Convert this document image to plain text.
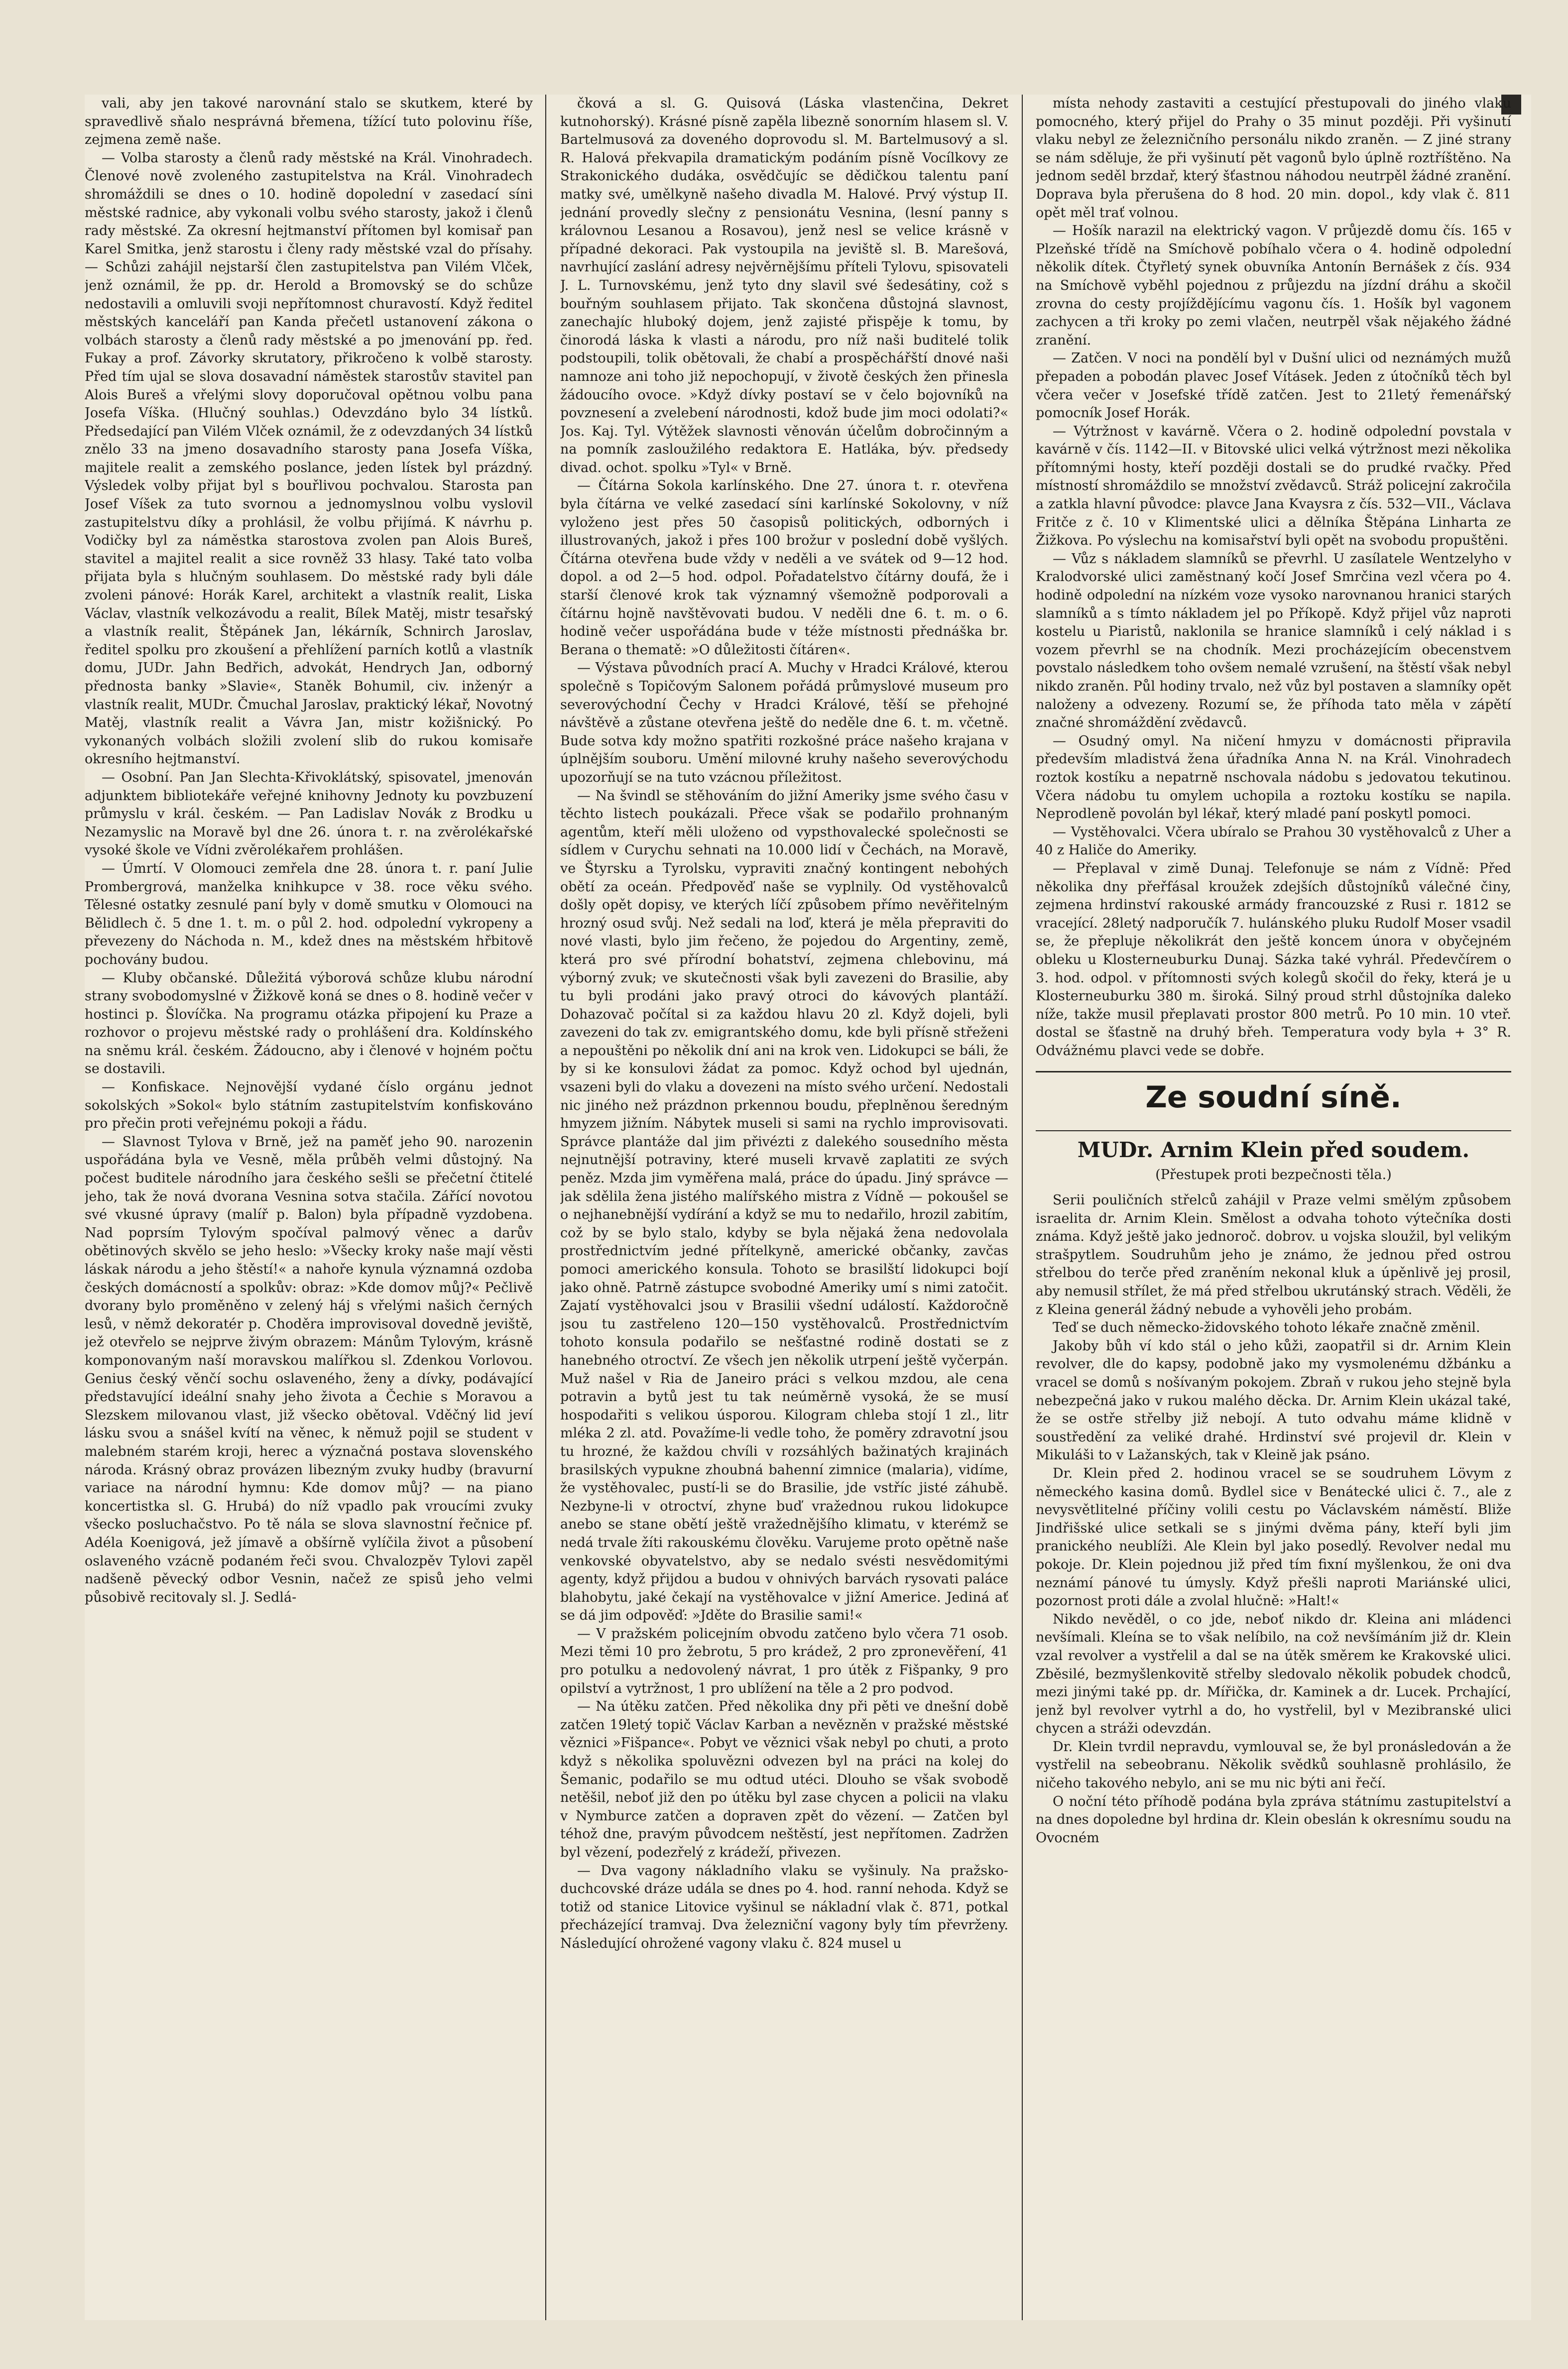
vali, aby jen takové narovnání stalo se skutkem, které by spravedlivě sňalo nesprávná břemena, tížící tuto polovinu říše, zejmena země naše.

— Volba starosty a členů rady městské na Král. Vinohradech. Členové nově zvoleného zastupitelstva na Král. Vinohradech shromáždili se dnes o 10. hodině dopolední v zasedací síni městské radnice, aby vykonali volbu svého starosty, jakož i členů rady městské. Za okresní hejtmanství přítomen byl komisař pan Karel Smitka, jenž starostu i členy rady městské vzal do přísahy. — Schůzi zahájil nejstarší člen zastupitelstva pan Vilém Vlček, jenž oznámil, že pp. dr. Herold a Bromovský se do schůze nedostavili a omluvili svoji nepřítomnost churavostí. Když ředitel městských kanceláří pan Kanda přečetl ustanovení zákona o volbách starosty a členů rady městské a po jmenování pp. řed. Fukay a prof. Závorky skrutatory, přikročeno k volbě starosty. Před tím ujal se slova dosavadní náměstek starostův stavitel pan Alois Bureš a vřelými slovy doporučoval opětnou volbu pana Josefa Víška. (Hlučný souhlas.) Odevzdáno bylo 34 lístků. Předsedající pan Vilém Vlček oznámil, že z odevzdaných 34 lístků znělo 33 na jmeno dosavadního starosty pana Josefa Víška, majitele realit a zemského poslance, jeden lístek byl prázdný. Výsledek volby přijat byl s bouřlivou pochvalou. Starosta pan Josef Víšek za tuto svornou a jednomyslnou volbu vyslovil zastupitelstvu díky a prohlásil, že volbu přijímá. K návrhu p. Vodičky byl za náměstka starostova zvolen pan Alois Bureš, stavitel a majitel realit a sice rovněž 33 hlasy. Také tato volba přijata byla s hlučným souhlasem. Do městské rady byli dále zvoleni pánové: Horák Karel, architekt a vlastník realit, Liska Václav, vlastník velkozávodu a realit, Bílek Matěj, mistr tesařský a vlastník realit, Štěpánek Jan, lékárník, Schnirch Jaroslav, ředitel spolku pro zkoušení a přehlížení parních kotlů a vlastník domu, JUDr. Jahn Bedřich, advokát, Hendrych Jan, odborný přednosta banky »Slavie«, Staněk Bohumil, civ. inženýr a vlastník realit, MUDr. Čmuchal Jaroslav, praktický lékař, Novotný Matěj, vlastník realit a Vávra Jan, mistr kožišnický. Po vykonaných volbách složili zvolení slib do rukou komisaře okresního hejtmanství.

— Osobní. Pan Jan Slechta-Křivoklátský, spisovatel, jmenován adjunktem bibliotekáře veřejné knihovny Jednoty ku povzbuzení průmyslu v král. českém. — Pan Ladislav Novák z Brodku u Nezamyslic na Moravě byl dne 26. února t. r. na zvěrolékařské vysoké škole ve Vídni zvěrolékařem prohlášen.

— Úmrtí. V Olomouci zemřela dne 28. února t. r. paní Julie Prombergrová, manželka knihkupce v 38. roce věku svého. Tělesné ostatky zesnulé paní byly v domě smutku v Olomouci na Bělidlech č. 5 dne 1. t. m. o půl 2. hod. odpolední vykropeny a převezeny do Náchoda n. M., kdež dnes na městském hřbitově pochovány budou.

— Kluby občanské. Důležitá výborová schůze klubu národní strany svobodomyslné v Žižkově koná se dnes o 8. hodině večer v hostinci p. Šlovíčka. Na programu otázka připojení ku Praze a rozhovor o projevu městské rady o prohlášení dra. Koldínského na sněmu král. českém. Žádoucno, aby i členové v hojném počtu se dostavili.

— Konfiskace. Nejnovější vydané číslo orgánu jednot sokolských »Sokol« bylo státním zastupitelstvím konfiskováno pro přečin proti veřejnému pokoji a řádu.

— Slavnost Tylova v Brně, jež na paměť jeho 90. narozenin uspořádána byla ve Vesně, měla průběh velmi důstojný. Na počest buditele národního jara českého sešli se přečetní čtitelé jeho, tak že nová dvorana Vesnina sotva stačila. Zářící novotou své vkusné úpravy (malíř p. Balon) byla případně vyzdobena. Nad poprsím Tylovým spočíval palmový věnec a darův obětinových skvělo se jeho heslo: »Všecky kroky naše mají věsti láskak národu a jeho štěstí!« a nahoře kynula významná ozdoba českých domácností a spolkův: obraz: »Kde domov můj?« Pečlivě dvorany bylo proměněno v zelený háj s vřelými našich černých lesů, v němž dekoratér p. Choděra improvisoval dovedně jeviště, jež otevřelo se nejprve živým obrazem: Mánům Tylovým, krásně komponovaným naší moravskou malířkou sl. Zdenkou Vorlovou. Genius český věnčí sochu oslaveného, ženy a dívky, podávající představující ideální snahy jeho života a Čechie s Moravou a Slezskem milovanou vlast, již všecko obětoval. Vděčný lid jeví lásku svou a snášel kvítí na věnec, k němuž pojil se student v malebném starém kroji, herec a význačná postava slovenského národa. Krásný obraz provázen libezným zvuky hudby (bravurní variace na národní hymnu: Kde domov můj? — na piano koncertistka sl. G. Hrubá) do níž vpadlo pak vroucími zvuky všecko posluchačstvo. Po tě nála se slova slavnostní řečnice pf. Adéla Koenigová, jež jímavě a obšírně vylíčila život a působení oslaveného vzácně podaném řeči svou. Chvalozpěv Tylovi zapěl nadšeně pěvecký odbor Vesnin, načež ze spisů jeho velmi působivě recitovaly sl. J. Sedlá-

čková a sl. G. Quisová (Láska vlastenčina, Dekret kutnohorský). Krásné písně zapěla libezně sonorním hlasem sl. V. Bartelmusová za doveného doprovodu sl. M. Bartelmusový a sl. R. Halová překvapila dramatickým podáním písně Vocílkovy ze Strakonického dudáka, osvědčujíc se dědičkou talentu paní matky své, umělkyně našeho divadla M. Halové. Prvý výstup II. jednání provedly slečny z pensionátu Vesnina, (lesní panny s královnou Lesanou a Rosavou), jenž nesl se velice krásně v případné dekoraci. Pak vystoupila na jeviště sl. B. Marešová, navrhující zaslání adresy nejvěrnějšímu příteli Tylovu, spisovateli J. L. Turnovskému, jenž tyto dny slavil své šedesátiny, což s bouřným souhlasem přijato. Tak skončena důstojná slavnost, zanechajíc hluboký dojem, jenž zajisté přispěje k tomu, by činorodá láska k vlasti a národu, pro níž naši buditelé tolik podstoupili, tolik obětovali, že chabí a prospěchářští dnové naši namnoze ani toho již nepochopují, v životě českých žen přinesla žádoucího ovoce. »Když dívky postaví se v čelo bojovníků na povznesení a zvelebení národnosti, kdož bude jim moci odolati?« Jos. Kaj. Tyl. Výtěžek slavnosti věnován účelům dobročinným a na pomník zasloužilého redaktora E. Hatláka, býv. předsedy divad. ochot. spolku »Tyl« v Brně.

— Čítárna Sokola karlínského. Dne 27. února t. r. otevřena byla čítárna ve velké zasedací síni karlínské Sokolovny, v níž vyloženo jest přes 50 časopisů politických, odborných i illustrovaných, jakož i přes 100 brožur v poslední době vyšlých. Čítárna otevřena bude vždy v neděli a ve svátek od 9—12 hod. dopol. a od 2—5 hod. odpol. Pořadatelstvo čítárny doufá, že i starší členové krok tak významný všemožně podporovali a čítárnu hojně navštěvovati budou. V neděli dne 6. t. m. o 6. hodině večer uspořádána bude v téže místnosti přednáška br. Berana o thematě: »O důležitosti čítáren«.

— Výstava původních prací A. Muchy v Hradci Králové, kterou společně s Topičovým Salonem pořádá průmyslové museum pro severovýchodní Čechy v Hradci Králové, těší se přehojné návštěvě a zůstane otevřena ještě do neděle dne 6. t. m. včetně. Bude sotva kdy možno spatřiti rozkošné práce našeho krajana v úplnějším souboru. Umění milovné kruhy našeho severovýchodu upozorňují se na tuto vzácnou příležitost.

— Na švindl se stěhováním do jižní Ameriky jsme svého času v těchto listech poukázali. Přece však se podařilo prohnaným agentům, kteří měli uloženo od vypsthovalecké společnosti se sídlem v Curychu sehnati na 10.000 lidí v Čechách, na Moravě, ve Štyrsku a Tyrolsku, vypraviti značný kontingent nebohých obětí za oceán. Předpověď naše se vyplnily. Od vystěhovalců došly opět dopisy, ve kterých líčí způsobem přímo nevěřitelným hrozný osud svůj. Než sedali na loď, která je měla přepraviti do nové vlasti, bylo jim řečeno, že pojedou do Argentiny, země, která pro své přírodní bohatství, zejmena chlebovinu, má výborný zvuk; ve skutečnosti však byli zavezeni do Brasilie, aby tu byli prodáni jako pravý otroci do kávových plantáží. Dohazovač počítal si za každou hlavu 20 zl. Když dojeli, byli zavezeni do tak zv. emigrantského domu, kde byli přísně střeženi a nepouštěni po několik dní ani na krok ven. Lidokupci se báli, že by si ke konsulovi žádat za pomoc. Když ochod byl ujednán, vsazeni byli do vlaku a dovezeni na místo svého určení. Nedostali nic jiného než prázdnon prkennou boudu, přeplněnou šeredným hmyzem jižním. Nábytek museli si sami na rychlo improvisovati. Správce plantáže dal jim přivézti z dalekého sousedního města nejnutnější potraviny, které museli krvavě zaplatiti ze svých peněz. Mzda jim vyměřena malá, práce do úpadu. Jiný správce — jak sdělila žena jistého malířského mistra z Vídně — pokoušel se o nejhanebnější vydírání a když se mu to nedařilo, hrozil zabitím, což by se bylo stalo, kdyby se byla nějaká žena nedovolala prostřednictvím jedné přítelkyně, americké občanky, zavčas pomoci amerického konsula. Tohoto se brasilští lidokupci bojí jako ohně. Patrně zástupce svobodné Ameriky umí s nimi zatočit. Zajatí vystěhovalci jsou v Brasilii všední událostí. Každoročně jsou tu zastřeleno 120—150 vystěhovalců. Prostřednictvím tohoto konsula podařilo se nešťastné rodině dostati se z hanebného otroctví. Ze všech jen několik utrpení ještě vyčerpán. Muž našel v Ria de Janeiro práci s velkou mzdou, ale cena potravin a bytů jest tu tak neúměrně vysoká, že se musí hospodařiti s velikou úsporou. Kilogram chleba stojí 1 zl., litr mléka 2 zl. atd. Považíme-li vedle toho, že poměry zdravotní jsou tu hrozné, že každou chvíli v rozsáhlých bažinatých krajinách brasilských vypukne zhoubná bahenní zimnice (malaria), vidíme, že vystěhovalec, pustí-li se do Brasilie, jde vstříc jisté záhubě. Nezbyne-li v otroctví, zhyne buď vražednou rukou lidokupce anebo se stane obětí ještě vražednějšího klimatu, v kterémž se nedá trvale žíti rakouskému člověku. Varujeme proto opětně naše venkovské obyvatelstvo, aby se nedalo svésti nesvědomitými agenty, když přijdou a budou v ohnivých barvách rysovati palácе blahobytu, jaké čekají na vystěhovalce v jižní Americe. Jediná ať se dá jim odpověď: »Jděte do Brasilie sami!«

— V pražském policejním obvodu zatčeno bylo včera 71 osob. Mezi těmi 10 pro žebrotu, 5 pro krádež, 2 pro zpronevěření, 41 pro potulku a nedovolený návrat, 1 pro útěk z Fišpanky, 9 pro opilství a vytržnost, 1 pro ublížení na těle a 2 pro podvod.

— Na útěku zatčen. Před několika dny při pěti ve dnešní době zatčen 19letý topič Václav Karban a nevězněn v pražské městské věznici »Fišpance«. Pobyt ve věznici však nebyl po chuti, a proto když s několika spoluvězni odvezen byl na práci na kolej do Šemanic, podařilo se mu odtud utéci. Dlouho se však svobodě netěšil, neboť již den po útěku byl zase chycen a policii na vlaku v Nymburce zatčen a dopraven zpět do vězení. — Zatčen byl téhož dne, pravým původcem neštěstí, jest nepřítomen. Zadržen byl vězení, podezřelý z krádeží, přivezen.

— Dva vagony nákladního vlaku se vyšinuly. Na pražsko-duchcovské dráze udála se dnes po 4. hod. ranní nehoda. Když se totiž od stanice Litovice vyšinul se nákladní vlak č. 871, potkal přecházející tramvaj. Dva železniční vagony byly tím převrženy. Následující ohrožené vagony vlaku č. 824 musel u

místa nehody zastaviti a cestující přestupovali do jiného vlaku pomocného, který přijel do Prahy o 35 minut později. Při vyšinutí vlaku nebyl ze železničního personálu nikdo zraněn. — Z jiné strany se nám sděluje, že při vyšinutí pět vagonů bylo úplně roztříštěno. Na jednom seděl brzdař, který šťastnou náhodou neutrpěl žádné zranění. Doprava byla přerušena do 8 hod. 20 min. dopol., kdy vlak č. 811 opět měl trať volnou.

— Hošík narazil na elektrický vagon. V průjezdě domu čís. 165 v Plzeňské třídě na Smíchově pobíhalo včera o 4. hodině odpolední několik dítek. Čtyřletý synek obuvníka Antonín Bernášek z čís. 934 na Smíchově vyběhl pojednou z průjezdu na jízdní dráhu a skočil zrovna do cesty projíždějícímu vagonu čís. 1. Hošík byl vagonem zachycen a tři kroky po zemi vlačen, neutrpěl však nějakého žádné zranění.

— Zatčen. V noci na pondělí byl v Dušní ulici od neznámých mužů přepaden a pobodán plavec Josef Vításek. Jeden z útočníků těch byl včera večer v Josefské třídě zatčen. Jest to 21letý řemenářský pomocník Josef Horák.

— Výtržnost v kavárně. Včera o 2. hodině odpolední povstala v kavárně v čís. 1142—II. v Bitovské ulici velká výtržnost mezi několika přítomnými hosty, kteří později dostali se do prudké rvačky. Před místností shromáždilo se množství zvědavců. Stráž policejní zakročila a zatkla hlavní původce: plavce Jana Kvaysra z čís. 532—VII., Václava Fritče z č. 10 v Klimentské ulici a dělníka Štěpána Linharta ze Žižkova. Po výslechu na komisařství byli opět na svobodu propuštěni.

— Vůz s nákladem slamníků se převrhl. U zasílatele Wentzelyho v Kralodvorské ulici zaměstnaný kočí Josef Smrčina vezl včera po 4. hodině odpolední na nízkém voze vysoko narovnanou hranici starých slamníků a s tímto nákladem jel po Příkopě. Když přijel vůz naproti kostelu u Piaristů, naklonila se hranice slamníků i celý náklad i s vozem převrhl se na chodník. Mezi procházejícím obecenstvem povstalo následkem toho ovšem nemalé vzrušení, na štěstí však nebyl nikdo zraněn. Půl hodiny trvalo, než vůz byl postaven a slamníky opět naloženy a odvezeny. Rozumí se, že příhoda tato měla v zápětí značné shromáždění zvědavců.

— Osudný omyl. Na ničení hmyzu v domácnosti připravila především mladistvá žena úřadníka Anna N. na Král. Vinohradech roztok kostíku a nepatrně nschovala nádobu s jedovatou tekutinou. Včera nádobu tu omylem uchopila a roztoku kostíku se napila. Neprodleně povolán byl lékař, který mladé paní poskytl pomoci.

— Vystěhovalci. Včera ubíralo se Prahou 30 vystěhovalců z Uher a 40 z Haliče do Ameriky.

— Přeplaval v zimě Dunaj. Telefonuje se nám z Vídně: Před několika dny přeřfásal kroužek zdejších důstojníků válečné činy, zejmena hrdinství rakouské armády francouzské z Rusi r. 1812 se vracející. 28letý nadporučík 7. hulánského pluku Rudolf Moser vsadil se, že přepluje několikrát den ještě koncem února v obyčejném obleku u Klosterneuburku Dunaj. Sázka také vyhrál. Předevčírem o 3. hod. odpol. v přítomnosti svých kolegů skočil do řeky, která je u Klosterneuburku 380 m. široká. Silný proud strhl důstojníka daleko níže, takže musil přeplavati prostor 800 metrů. Po 10 min. 10 vteř. dostal se šťastně na druhý břeh. Temperatura vody byla + 3° R. Odvážnému plavci vede se dobře.

Ze soudní síně.
MUDr. Arnim Klein před soudem.

(Přestupek proti bezpečnosti těla.)

Serii pouličních střelců zahájil v Praze velmi smělým způsobem israelita dr. Arnim Klein. Smělost a odvaha tohoto výtečníka dosti známa. Když ještě jako jednoroč. dobrov. u vojska sloužil, byl velikým strašpytlem. Soudruhům jeho je známo, že jednou před ostrou střelbou do terče před zraněním nekonal kluk a úpěnlivě jej prosil, aby nemusil střílet, že má před střelbou ukrutánský strach. Věděli, že z Kleina generál žádný nebude a vyhověli jeho probám.

Teď se duch německo-židovského tohoto lékaře značně změnil.

Jakoby bůh ví kdo stál o jeho kůži, zaopatřil si dr. Arnim Klein revolver, dle do kapsy, podobně jako my vysmolenému džbánku a vracel se domů s nošívaným pokojem. Zbraň v rukou jeho stejně byla nebezpečná jako v rukou malého děcka. Dr. Arnim Klein ukázal také, že se ostře střelby již nebojí. A tuto odvahu máme klidně v soustředění za veliké drahé. Hrdinství své projevil dr. Klein v Mikuláši to v Lažanských, tak v Kleině jak psáno.

Dr. Klein před 2. hodinou vracel se se soudruhem Lövym z německého kasina domů. Bydlel sice v Benátecké ulici č. 7., ale z nevysvětlitelné příčiny volili cestu po Václavském náměstí. Bliže Jindřišské ulice setkali se s jinými dvěma pány, kteří byli jim pranického neublíži. Ale Klein byl jako posedlý. Revolver nedal mu pokoje. Dr. Klein pojednou již před tím fixní myšlenkou, že oni dva neznámí pánové tu úmysly. Když přešli naproti Mariánské ulici, pozornost proti dále a zvolal hlučně: »Halt!«

Nikdo nevěděl, o co jde, neboť nikdo dr. Kleina ani mládenci nevšímali. Kleína se to však nelíbilo, na což nevšímáním již dr. Klein vzal revolver a vystřelil a dal se na útěk směrem ke Krakovské ulici. Zběsilé, bezmyšlenkovitě střelby sledovalo několik pobudek chodců, mezi jinými také pp. dr. Mířička, dr. Kaminek a dr. Lucek. Prchající, jenž byl revolver vytrhl a do, ho vystřelil, byl v Mezibranské ulici chycen a stráži odevzdán.

Dr. Klein tvrdil nepravdu, vymlouval se, že byl pronásledován a že vystřelil na sebeobranu. Několik svědků souhlasně prohlásilo, že ničeho takového nebylo, ani se mu nic býti ani řečí.

O noční této příhodě podána byla zpráva státnímu zastupitelství a na dnes dopoledne byl hrdina dr. Klein obeslán k okresnímu soudu na Ovocném
